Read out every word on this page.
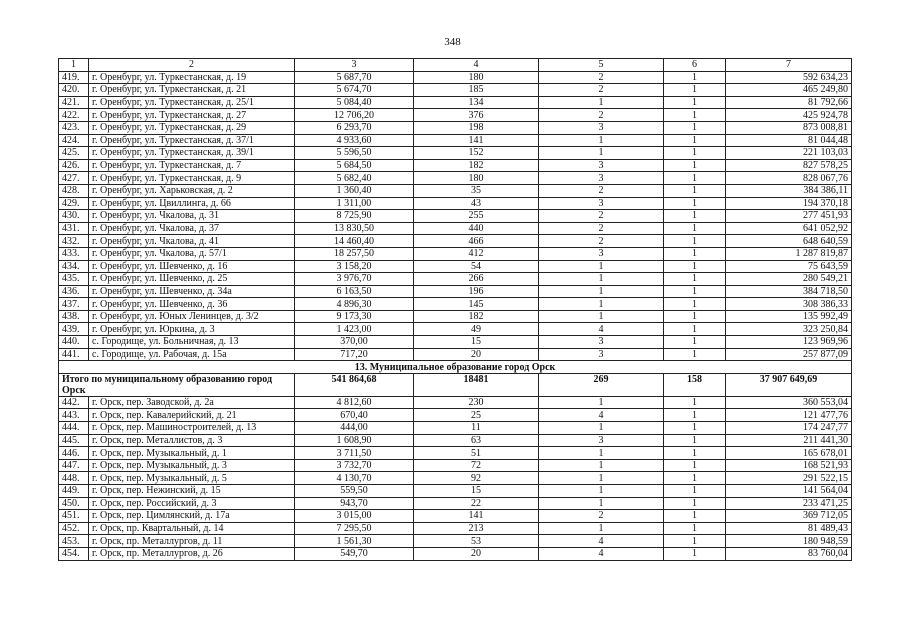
348
1	2	3	4	5	6	7
419.	г. Оренбург, ул. Туркестанская, д. 19	5 687,70	180	2	1	592 634,23
420.	г. Оренбург, ул. Туркестанская, д. 21	5 674,70	185	2	1	465 249,80
421.	г. Оренбург, ул. Туркестанская, д. 25/1	5 084,40	134	1	1	81 792,66
422.	г. Оренбург, ул. Туркестанская, д. 27	12 706,20	376	2	1	425 924,78
423.	г. Оренбург, ул. Туркестанская, д. 29	6 293,70	198	3	1	873 008,81
424.	г. Оренбург, ул. Туркестанская, д. 37/1	4 933,60	141	1	1	81 044,48
425.	г. Оренбург, ул. Туркестанская, д. 39/1	5 596,50	152	1	1	221 103,03
426.	г. Оренбург, ул. Туркестанская, д. 7	5 684,50	182	3	1	827 578,25
427.	г. Оренбург, ул. Туркестанская, д. 9	5 682,40	180	3	1	828 067,76
428.	г. Оренбург, ул. Харьковская, д. 2	1 360,40	35	2	1	384 386,11
429.	г. Оренбург, ул. Цвиллинга, д. 66	1 311,00	43	3	1	194 370,18
430.	г. Оренбург, ул. Чкалова, д. 31	8 725,90	255	2	1	277 451,93
431.	г. Оренбург, ул. Чкалова, д. 37	13 830,50	440	2	1	641 052,92
432.	г. Оренбург, ул. Чкалова, д. 41	14 460,40	466	2	1	648 640,59
433.	г. Оренбург, ул. Чкалова, д. 57/1	18 257,50	412	3	1	1 287 819,87
434.	г. Оренбург, ул. Шевченко, д. 16	3 158,20	54	1	1	75 643,59
435.	г. Оренбург, ул. Шевченко, д. 25	3 976,70	266	1	1	280 549,21
436.	г. Оренбург, ул. Шевченко, д. 34а	6 163,50	196	1	1	384 718,50
437.	г. Оренбург, ул. Шевченко, д. 36	4 896,30	145	1	1	308 386,33
438.	г. Оренбург, ул. Юных Ленинцев, д. 3/2	9 173,30	182	1	1	135 992,49
439.	г. Оренбург, ул. Юркина, д. 3	1 423,00	49	4	1	323 250,84
440.	с. Городище, ул. Больничная, д. 13	370,00	15	3	1	123 969,96
441.	с. Городище, ул. Рабочая, д. 15а	717,20	20	3	1	257 877,09
13. Муниципальное образование город Орск						
Итого по муниципальному образованию город Орск		541 864,68	18481	269	158	37 907 649,69
442.	г. Орск, пер. Заводской, д. 2а	4 812,60	230	1	1	360 553,04
443.	г. Орск, пер. Кавалерийский, д. 21	670,40	25	4	1	121 477,76
444.	г. Орск, пер. Машиностроителей, д. 13	444,00	11	1	1	174 247,77
445.	г. Орск, пер. Металлистов, д. 3	1 608,90	63	3	1	211 441,30
446.	г. Орск, пер. Музыкальный, д. 1	3 711,50	51	1	1	165 678,01
447.	г. Орск, пер. Музыкальный, д. 3	3 732,70	72	1	1	168 521,93
448.	г. Орск, пер. Музыкальный, д. 5	4 130,70	92	1	1	291 522,15
449.	г. Орск, пер. Нежинский, д. 15	559,50	15	1	1	141 564,04
450.	г. Орск, пер. Российский, д. 3	943,70	22	1	1	233 471,25
451.	г. Орск, пер. Цимлянский, д. 17а	3 015,00	141	2	1	369 712,05
452.	г. Орск, пр. Квартальный, д. 14	7 295,50	213	1	1	81 489,43
453.	г. Орск, пр. Металлургов, д. 11	1 561,30	53	4	1	180 948,59
454.	г. Орск, пр. Металлургов, д. 26	549,70	20	4	1	83 760,04
